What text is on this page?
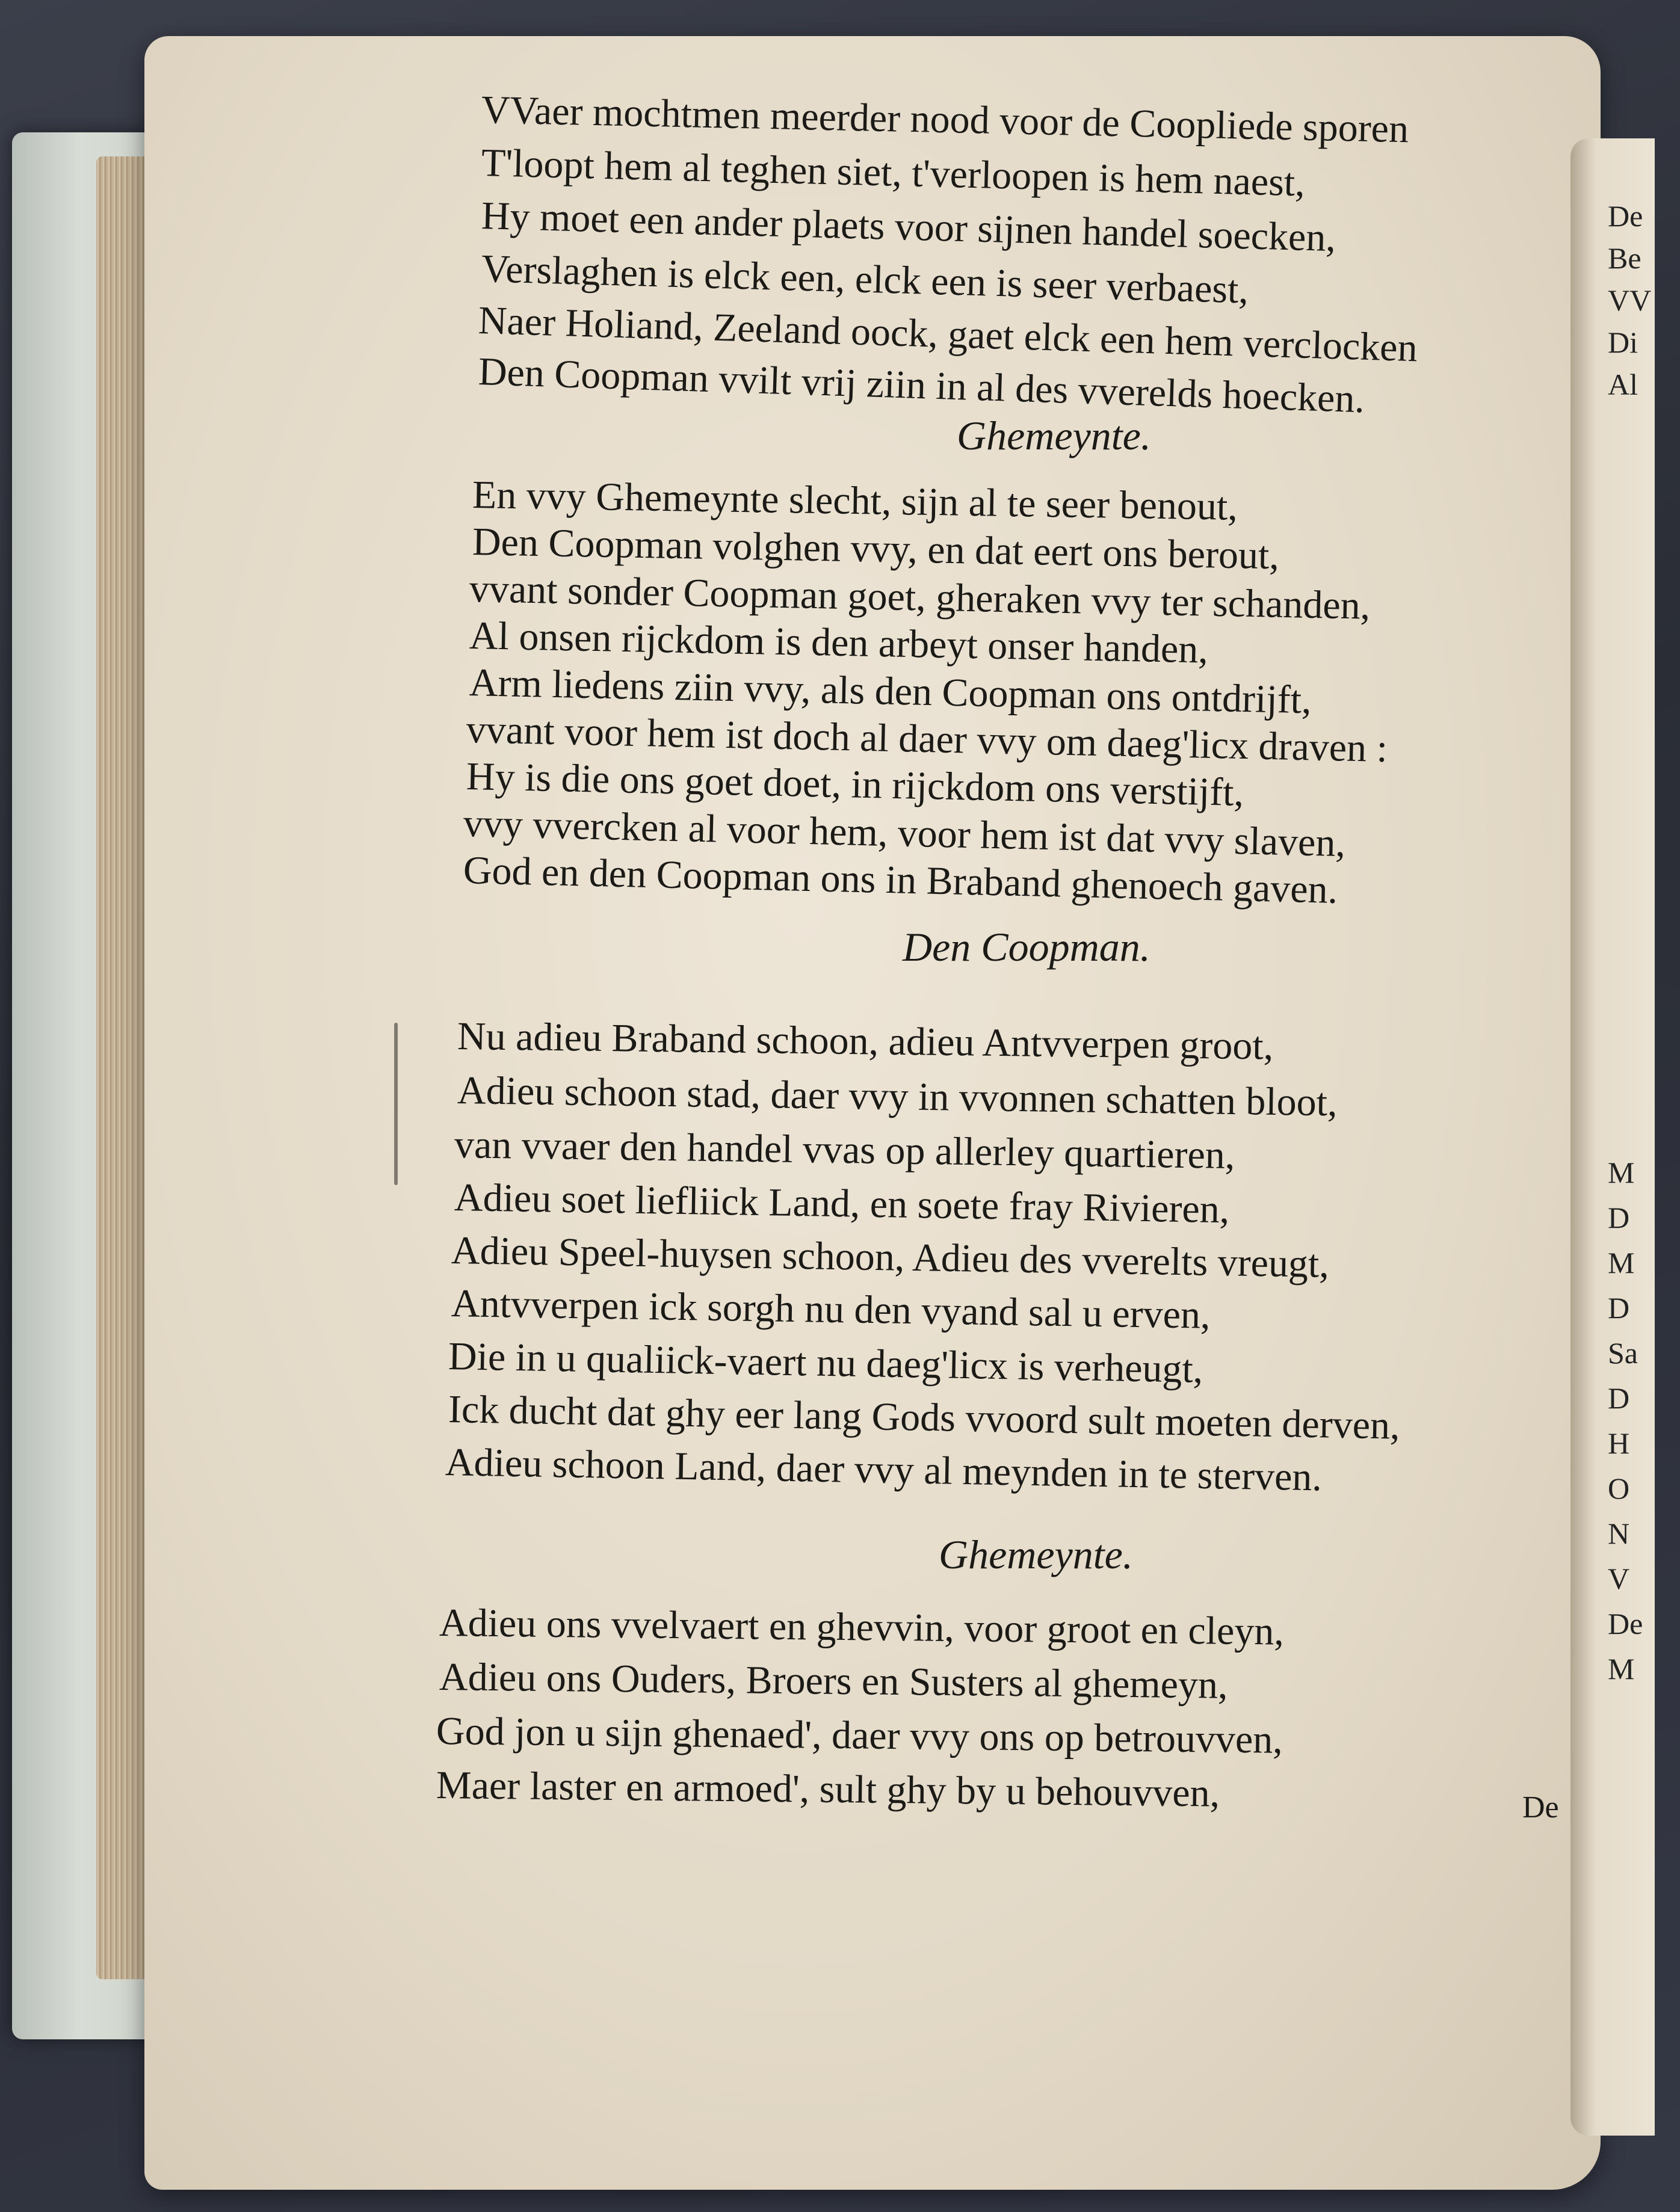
De
Be
VV
Di
Al
M
D
M
D
Sa
D
H
O
N
V
De
M
VVaer mochtmen meerder nood voor de Coopliede sporen
T'loopt hem al teghen siet, t'verloopen is hem naest,
Hy moet een ander plaets voor sijnen handel soecken,
Verslaghen is elck een, elck een is seer verbaest,
Naer Holiand, Zeeland oock, gaet elck een hem verclocken
Den Coopman vvilt vrij ziin in al des vverelds hoecken.
Ghemeynte.
En vvy Ghemeynte slecht, sijn al te seer benout,
Den Coopman volghen vvy, en dat eert ons berout,
vvant sonder Coopman goet, gheraken vvy ter schanden,
Al onsen rijckdom is den arbeyt onser handen,
Arm liedens ziin vvy, als den Coopman ons ontdrijft,
vvant voor hem ist doch al daer vvy om daeg'licx draven :
Hy is die ons goet doet, in rijckdom ons verstijft,
vvy vvercken al voor hem, voor hem ist dat vvy slaven,
God en den Coopman ons in Braband ghenoech gaven.
Den Coopman.
Nu adieu Braband schoon, adieu Antvverpen groot,
Adieu schoon stad, daer vvy in vvonnen schatten bloot,
van vvaer den handel vvas op allerley quartieren,
Adieu soet liefliick Land, en soete fray Rivieren,
Adieu Speel-huysen schoon, Adieu des vverelts vreugt,
Antvverpen ick sorgh nu den vyand sal u erven,
Die in u qualiick-vaert nu daeg'licx is verheugt,
Ick ducht dat ghy eer lang Gods vvoord sult moeten derven,
Adieu schoon Land, daer vvy al meynden in te sterven.
Ghemeynte.
Adieu ons vvelvaert en ghevvin, voor groot en cleyn,
Adieu ons Ouders, Broers en Susters al ghemeyn,
God jon u sijn ghenaed', daer vvy ons op betrouvven,
Maer laster en armoed', sult ghy by u behouvven,	De
